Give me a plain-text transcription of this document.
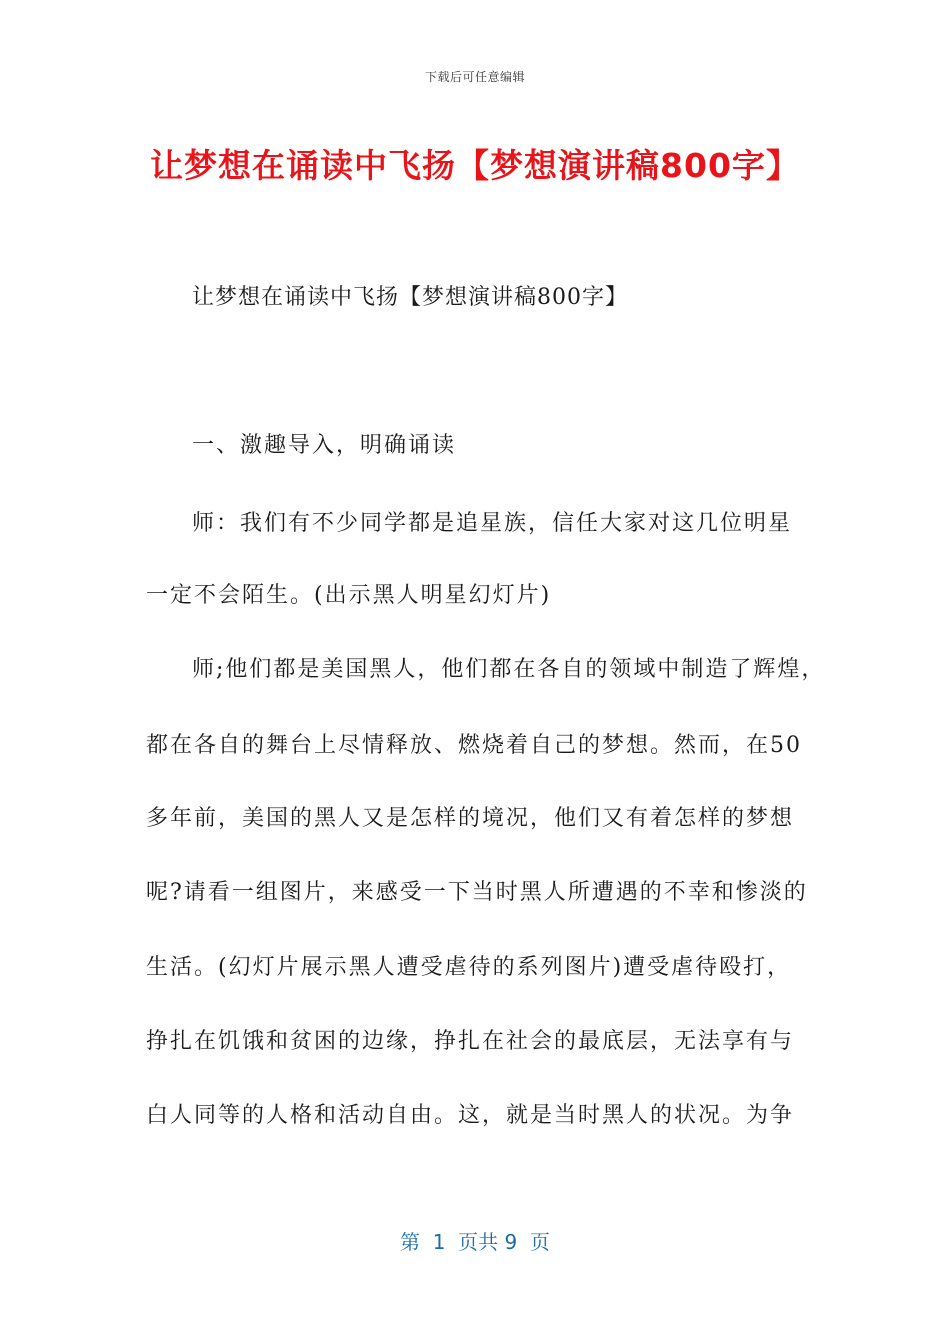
下载后可任意编辑
让梦想在诵读中飞扬【梦想演讲稿800字】
让梦想在诵读中飞扬【梦想演讲稿800字】
一、激趣导入，明确诵读
师：我们有不少同学都是追星族，信任大家对这几位明星
一定不会陌生。(出示黑人明星幻灯片)
师;他们都是美国黑人，他们都在各自的领域中制造了辉煌，
都在各自的舞台上尽情释放、燃烧着自己的梦想。然而，在50
多年前，美国的黑人又是怎样的境况，他们又有着怎样的梦想
呢?请看一组图片，来感受一下当时黑人所遭遇的不幸和惨淡的
生活。(幻灯片展示黑人遭受虐待的系列图片)遭受虐待殴打，
挣扎在饥饿和贫困的边缘，挣扎在社会的最底层，无法享有与
白人同等的人格和活动自由。这，就是当时黑人的状况。为争
第  1  页共 9  页
